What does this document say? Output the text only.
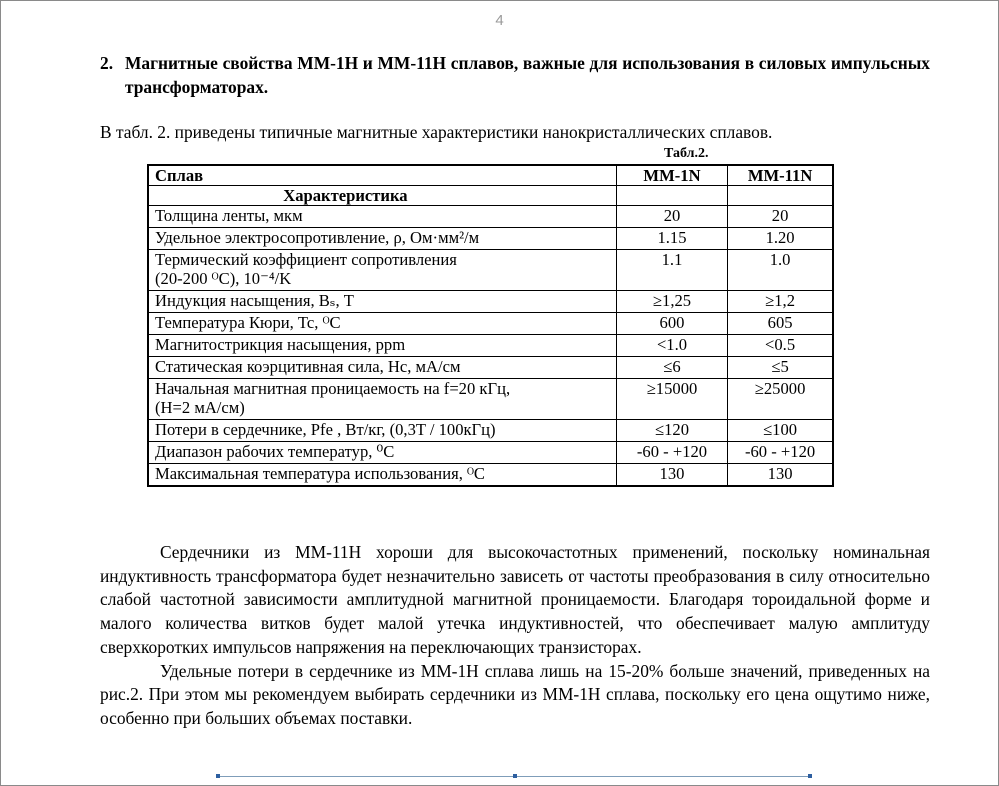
4
2. Магнитные свойства ММ-1Н и ММ-11Н сплавов, важные для использования в силовых импульсных трансформаторах.
В табл. 2. приведены типичные магнитные характеристики нанокристаллических сплавов.
Табл.2.
Сплав	MM-1N	MM-11N
Характеристика		
Толщина ленты, мкм	20	20
Удельное электросопротивление, ρ, Ом·мм²/м	1.15	1.20
Термический коэффициент сопротивления
(20-200 ᴼС), 10⁻⁴/K	1.1	1.0
Индукция насыщения, Bₛ, Т	≥1,25	≥1,2
Температура Кюри, Tc, ᴼС	600	605
Магнитострикция насыщения, ppm	<1.0	<0.5
Статическая коэрцитивная сила, Hc, мА/см	≤6	≤5
Начальная магнитная проницаемость на f=20 кГц,
(H=2 мА/см)	≥15000	≥25000
Потери в сердечнике, Pfe , Вт/кг, (0,3T / 100кГц)	≤120	≤100
Диапазон рабочих температур, ⁰С	-60 - +120	-60 - +120
Максимальная температура использования, ᴼС	130	130

Сердечники из ММ-11Н хороши для высокочастотных применений, поскольку номинальная индуктивность трансформатора будет незначительно зависеть от частоты преобразования в силу относительно слабой частотной зависимости амплитудной магнитной проницаемости. Благодаря тороидальной форме и малого количества витков будет малой утечка индуктивностей, что обеспечивает малую амплитуду сверхкоротких импульсов напряжения на переключающих транзисторах.

Удельные потери в сердечнике из ММ-1Н сплава лишь на 15-20% больше значений, приведенных на рис.2. При этом мы рекомендуем выбирать сердечники из ММ-1Н сплава, поскольку его цена ощутимо ниже, особенно при больших объемах поставки.
